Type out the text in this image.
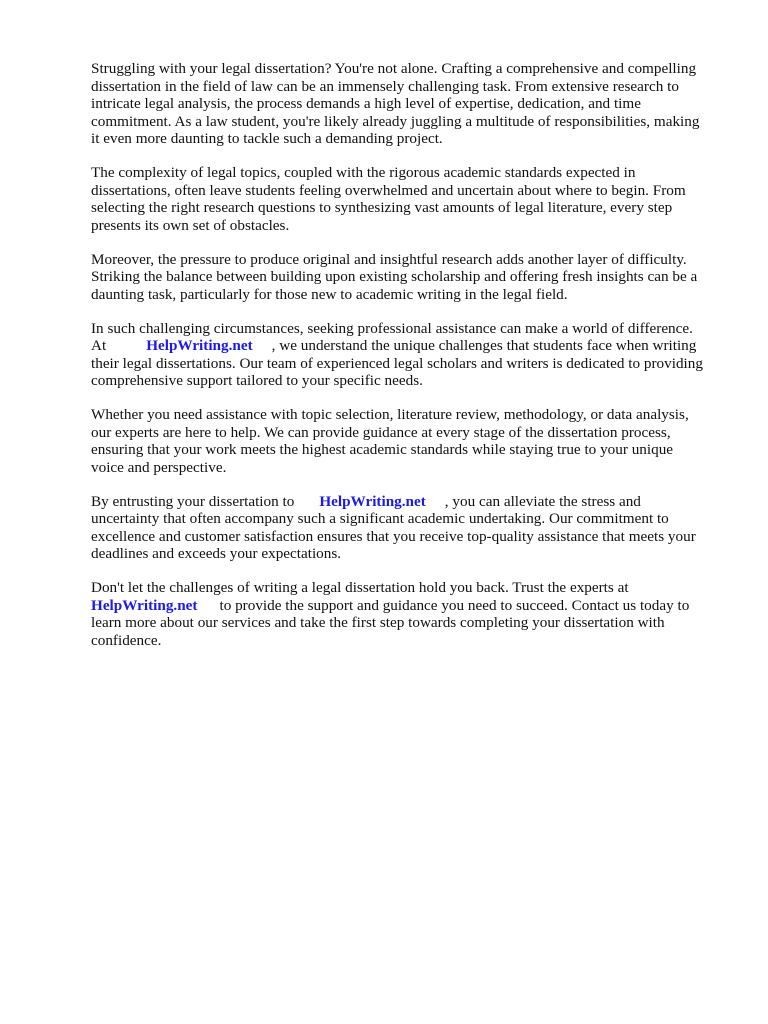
Struggling with your legal dissertation? You're not alone. Crafting a comprehensive and compelling
dissertation in the field of law can be an immensely challenging task. From extensive research to
intricate legal analysis, the process demands a high level of expertise, dedication, and time
commitment. As a law student, you're likely already juggling a multitude of responsibilities, making
it even more daunting to tackle such a demanding project.

The complexity of legal topics, coupled with the rigorous academic standards expected in
dissertations, often leave students feeling overwhelmed and uncertain about where to begin. From
selecting the right research questions to synthesizing vast amounts of legal literature, every step
presents its own set of obstacles.

Moreover, the pressure to produce original and insightful research adds another layer of difficulty.
Striking the balance between building upon existing scholarship and offering fresh insights can be a
daunting task, particularly for those new to academic writing in the legal field.

In such challenging circumstances, seeking professional assistance can make a world of difference.
At	HelpWriting.net , we understand the unique challenges that students face when writing
their legal dissertations. Our team of experienced legal scholars and writers is dedicated to providing
comprehensive support tailored to your specific needs.

Whether you need assistance with topic selection, literature review, methodology, or data analysis,
our experts are here to help. We can provide guidance at every stage of the dissertation process,
ensuring that your work meets the highest academic standards while staying true to your unique
voice and perspective.

By entrusting your dissertation to HelpWriting.net , you can alleviate the stress and
uncertainty that often accompany such a significant academic undertaking. Our commitment to
excellence and customer satisfaction ensures that you receive top-quality assistance that meets your
deadlines and exceeds your expectations.

Don't let the challenges of writing a legal dissertation hold you back. Trust the experts at
HelpWriting.net to provide the support and guidance you need to succeed. Contact us today to
learn more about our services and take the first step towards completing your dissertation with
confidence.
